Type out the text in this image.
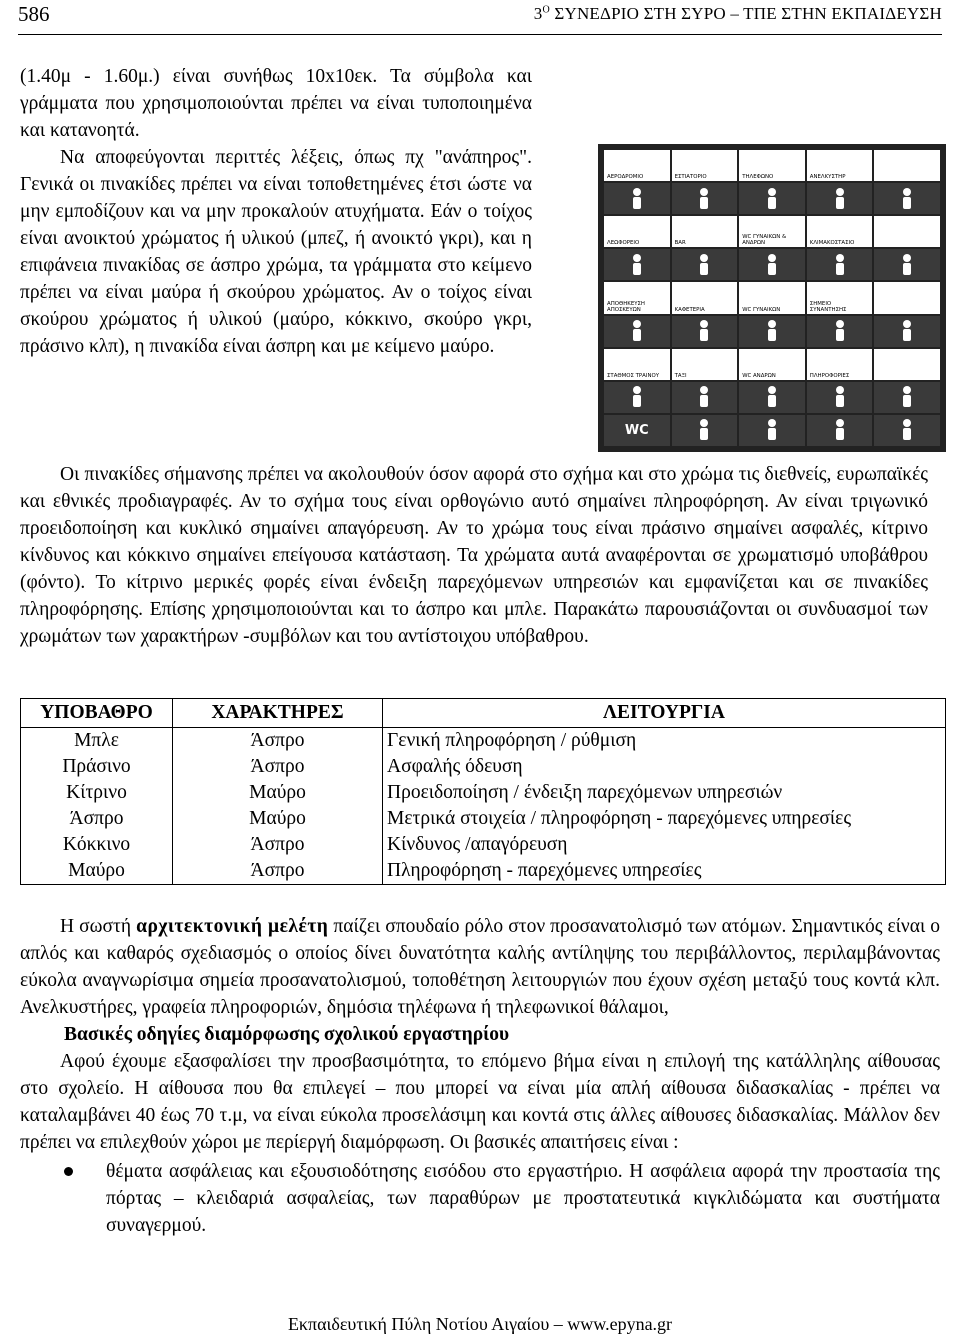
586	$3^O$ ΣΥΝΕΔΡΙΟ ΣΤΗ ΣΥΡΟ – ΤΠΕ ΣΤΗΝ ΕΚΠΑΙΔΕΥΣΗ

(1.40μ - 1.60μ.) είναι συνήθως 10x10εκ. Τα σύμβολα και γράμματα που χρησιμοποιούνται πρέπει να είναι τυποποιημένα και κατανοητά.

Να αποφεύγονται περιττές λέξεις, όπως πχ "ανάπηρος". Γενικά οι πινακίδες πρέπει να είναι τοποθετημένες έτσι ώστε να μην εμποδίζουν και να μην προκαλούν ατυχήματα. Εάν ο τοίχος είναι ανοικτού χρώματος ή υλικού (μπεζ, ή ανοικτό γκρι), και η επιφάνεια πινακίδας σε άσπρο χρώμα, τα γράμματα στο κείμενο πρέπει να είναι μαύρα ή σκούρου χρώματος. Αν ο τοίχος είναι σκούρου χρώματος ή υλικού (μαύρο, κόκκινο, σκούρο γκρι, πράσινο κλπ), η πινακίδα είναι άσπρη και με κείμενο μαύρο.

ΑΕΡΟΔΡΟΜΙΟ	ΕΣΤΙΑΤΟΡΙΟ	ΤΗΛΕΦΩΝΟ	ΑΝΕΛΚΥΣΤΗΡ
ΛΕΩΦΟΡΕΙΟ	BAR
WC ΓΥΝΑΙΚΩΝ & ΑΝΔΡΩΝ	ΚΛΙΜΑΚΟΣΤΑΣΙΟ
ΑΠΟΘΗΚΕΥΣΗ ΑΠΟΣΚΕΥΩΝ	ΚΑΦΕΤΕΡΙΑ	WC ΓΥΝΑΙΚΩΝ
ΣΗΜΕΙΟ ΣΥΝΑΝΤΗΣΗΣ
ΣΤΑΘΜΟΣ ΤΡΑΙΝΟΥ	ΤΑΞΙ	WC ΑΝΔΡΩΝ	ΠΛΗΡΟΦΟΡΙΕΣ
WC

Οι πινακίδες σήμανσης πρέπει να ακολουθούν όσον αφορά στο σχήμα και στο χρώμα τις διεθνείς, ευρωπαϊκές και εθνικές προδιαγραφές. Αν το σχήμα τους είναι ορθογώνιο αυτό σημαίνει πληροφόρηση. Αν είναι τριγωνικό προειδοποίηση και κυκλικό σημαίνει απαγόρευση. Αν το χρώμα τους είναι πράσινο σημαίνει ασφαλές, κίτρινο κίνδυνος και κόκκινο σημαίνει επείγουσα κατάσταση. Τα χρώματα αυτά αναφέρονται σε χρωματισμό υποβάθρου (φόντο). Το κίτρινο μερικές φορές είναι ένδειξη παρεχόμενων υπηρεσιών και εμφανίζεται και σε πινακίδες πληροφόρησης. Επίσης χρησιμοποιούνται και το άσπρο και μπλε. Παρακάτω παρουσιάζονται οι συνδυασμοί των χρωμάτων των χαρακτήρων -συμβόλων και του αντίστοιχου υπόβαθρου.

ΥΠΟΒΑΘΡΟ	ΧΑΡΑΚΤΗΡΕΣ	ΛΕΙΤΟΥΡΓΙΑ
Μπλε	Άσπρο	Γενική πληροφόρηση / ρύθμιση
Πράσινο	Άσπρο	Ασφαλής όδευση
Κίτρινο	Μαύρο	Προειδοποίηση / ένδειξη παρεχόμενων υπηρεσιών
Άσπρο	Μαύρο	Μετρικά στοιχεία / πληροφόρηση - παρεχόμενες υπηρεσίες
Κόκκινο	Άσπρο	Κίνδυνος /απαγόρευση
Μαύρο	Άσπρο	Πληροφόρηση - παρεχόμενες υπηρεσίες

Η σωστή αρχιτεκτονική μελέτη παίζει σπουδαίο ρόλο στον προσανατολισμό των ατόμων. Σημαντικός είναι ο απλός και καθαρός σχεδιασμός ο οποίος δίνει δυνατότητα καλής αντίληψης του περιβάλλοντος, περιλαμβάνοντας εύκολα αναγνωρίσιμα σημεία προσανατολισμού, τοποθέτηση λειτουργιών που έχουν σχέση μεταξύ τους κοντά κλπ. Ανελκυστήρες, γραφεία πληροφοριών, δημόσια τηλέφωνα ή τηλεφωνικοί θάλαμοι,

Βασικές οδηγίες διαμόρφωσης σχολικού εργαστηρίου

Αφού έχουμε εξασφαλίσει την προσβασιμότητα, το επόμενο βήμα είναι η επιλογή της κατάλληλης αίθουσας στο σχολείο. Η αίθουσα που θα επιλεγεί – που μπορεί να είναι μία απλή αίθουσα διδασκαλίας - πρέπει να καταλαμβάνει 40 έως 70 τ.μ, να είναι εύκολα προσελάσιμη και κοντά στις άλλες αίθουσες διδασκαλίας. Μάλλον δεν πρέπει να επιλεχθούν χώροι με περίεργή διαμόρφωση. Οι βασικές απαιτήσεις είναι :

θέματα ασφάλειας και εξουσιοδότησης εισόδου στο εργαστήριο. Η ασφάλεια αφορά την προστασία της πόρτας – κλειδαριά ασφαλείας, των παραθύρων με προστατευτικά κιγκλιδώματα και συστήματα συναγερμού.
Εκπαιδευτική Πύλη Νοτίου Αιγαίου – www.epyna.gr
